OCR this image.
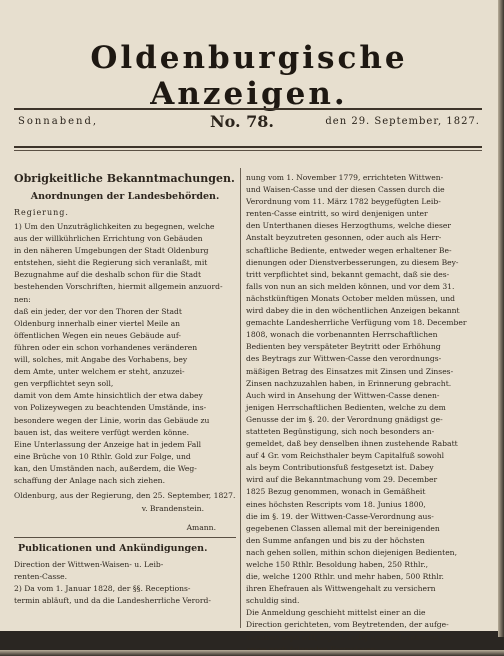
Oldenburgische Anzeigen.
Sonnabend,	No. 78.	den 29. September, 1827.
Obrigkeitliche Bekanntmachungen.
Anordnungen der Landesbehörden.
Regierung.

1) Um den Unzuträglichkeiten zu begegnen, welche

aus der willkührlichen Errichtung von Gebäuden

in den näheren Umgebungen der Stadt Oldenburg

entstehen, sieht die Regierung sich veranlaßt, mit

Bezugnahme auf die deshalb schon für die Stadt

bestehenden Vorschriften, hiermit allgemein anzuord-

nen:

daß ein jeder, der vor den Thoren der Stadt

Oldenburg innerhalb einer viertel Meile an

öffentlichen Wegen ein neues Gebäude auf-

führen oder ein schon vorhandenes veränderen

will, solches, mit Angabe des Vorhabens, bey

dem Amte, unter welchem er steht, anzuzei-

gen verpflichtet seyn soll,

damit von dem Amte hinsichtlich der etwa dabey

von Polizeywegen zu beachtenden Umstände, ins-

besondere wegen der Linie, worin das Gebäude zu

bauen ist, das weitere verfügt werden könne.

Eine Unterlassung der Anzeige hat in jedem Fall

eine Brüche von 10 Rthlr. Gold zur Folge, und

kan, den Umständen nach, außerdem, die Weg-

schaffung der Anlage nach sich ziehen.

Oldenburg, aus der Regierung, den 25. September, 1827.
v. Brandenstein.
Amann.
Publicationen und Ankündigungen.

Direction der Wittwen-Waisen- u. Leib-

renten-Casse.

2) Da vom 1. Januar 1828, der §§. Receptions-

termin abläuft, und da die Landesherrliche Verord-

nung vom 1. November 1779, errichteten Wittwen-

und Waisen-Casse und der diesen Cassen durch die

Verordnung vom 11. März 1782 beygefügten Leib-

renten-Casse eintritt, so wird denjenigen unter

den Unterthanen dieses Herzogthums, welche dieser

Anstalt beyzutreten gesonnen, oder auch als Herr-

schaftliche Bediente, entweder wegen erhaltener Be-

dienungen oder Dienstverbesserungen, zu diesem Bey-

tritt verpflichtet sind, bekannt gemacht, daß sie des-

falls von nun an sich melden können, und vor dem 31.

nächstkünftigen Monats October melden müssen, und

wird dabey die in den wöchentlichen Anzeigen bekannt

gemachte Landesherrliche Verfügung vom 18. December

1808, wonach die vorbenannten Herrschaftlichen

Bedienten bey verspäteter Beytritt oder Erhöhung

des Beytrags zur Wittwen-Casse den verordnungs-

mäßigen Betrag des Einsatzes mit Zinsen und Zinses-

Zinsen nachzuzahlen haben, in Erinnerung gebracht.

Auch wird in Ansehung der Wittwen-Casse denen-

jenigen Herrschaftlichen Bedienten, welche zu dem

Genusse der im §. 20. der Verordnung gnädigst ge-

statteten Begünstigung, sich noch besonders an-

gemeldet, daß bey denselben ihnen zustehende Rabatt

auf 4 Gr. vom Reichsthaler beym Capitalfuß sowohl

als beym Contributionsfuß festgesetzt ist. Dabey

wird auf die Bekanntmachung vom 29. December

1825 Bezug genommen, wonach in Gemäßheit

eines höchsten Rescripts vom 18. Junius 1800,

die im §. 19. der Wittwen-Casse-Verordnung aus-

gegebenen Classen allemal mit der bereinigenden

den Summe anfangen und bis zu der höchsten

nach gehen sollen, mithin schon diejenigen Bedienten,

welche 150 Rthlr. Besoldung haben, 250 Rthlr.,

die, welche 1200 Rthlr. und mehr haben, 500 Rthlr.

ihren Ehefrauen als Wittwengehalt zu versichern

schuldig sind.

Die Anmeldung geschieht mittelst einer an die

Direction gerichteten, vom Beytretenden, der aufge-

nommen seyn will, eigenhändig unterschriebenen An-
